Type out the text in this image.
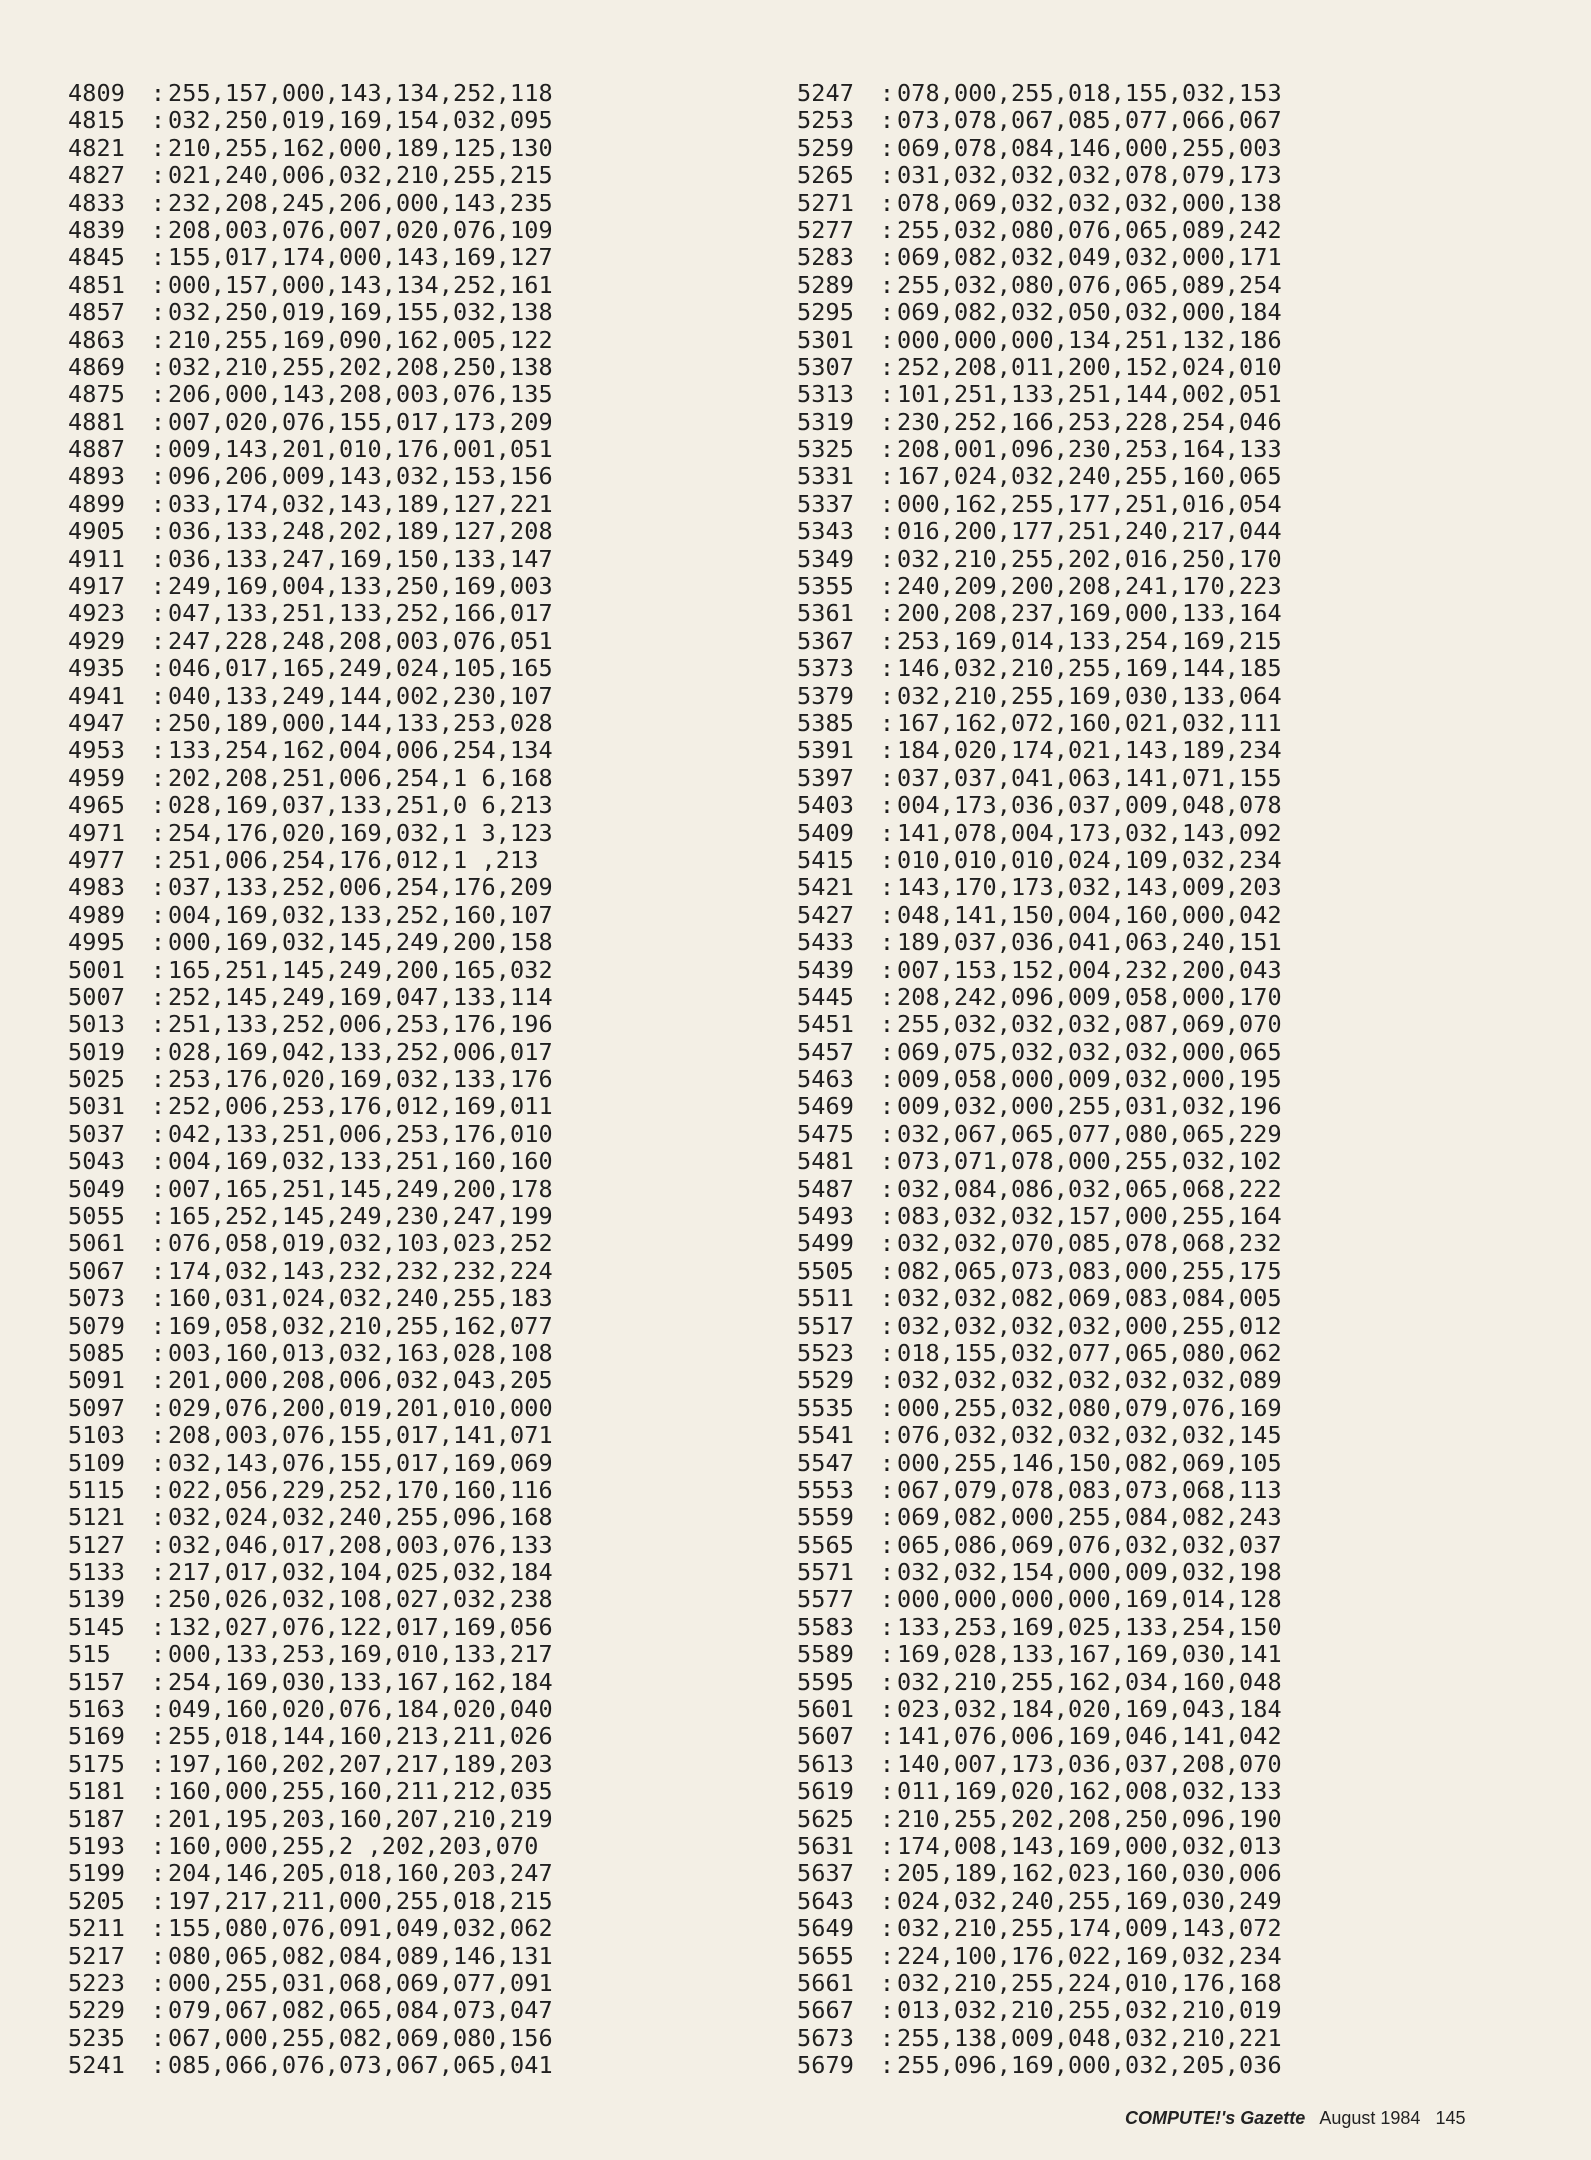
4809 : 255,157,000,143,134,252,118
4815 : 032,250,019,169,154,032,095
4821 : 210,255,162,000,189,125,130
4827 : 021,240,006,032,210,255,215
4833 : 232,208,245,206,000,143,235
4839 : 208,003,076,007,020,076,109
4845 : 155,017,174,000,143,169,127
4851 : 000,157,000,143,134,252,161
4857 : 032,250,019,169,155,032,138
4863 : 210,255,169,090,162,005,122
4869 : 032,210,255,202,208,250,138
4875 : 206,000,143,208,003,076,135
4881 : 007,020,076,155,017,173,209
4887 : 009,143,201,010,176,001,051
4893 : 096,206,009,143,032,153,156
4899 : 033,174,032,143,189,127,221
4905 : 036,133,248,202,189,127,208
4911 : 036,133,247,169,150,133,147
4917 : 249,169,004,133,250,169,003
4923 : 047,133,251,133,252,166,017
4929 : 247,228,248,208,003,076,051
4935 : 046,017,165,249,024,105,165
4941 : 040,133,249,144,002,230,107
4947 : 250,189,000,144,133,253,028
4953 : 133,254,162,004,006,254,134
4959 : 202,208,251,006,254,1 6,168
4965 : 028,169,037,133,251,0 6,213
4971 : 254,176,020,169,032,1 3,123
4977 : 251,006,254,176,012,1 ,213
4983 : 037,133,252,006,254,176,209
4989 : 004,169,032,133,252,160,107
4995 : 000,169,032,145,249,200,158
5001 : 165,251,145,249,200,165,032
5007 : 252,145,249,169,047,133,114
5013 : 251,133,252,006,253,176,196
5019 : 028,169,042,133,252,006,017
5025 : 253,176,020,169,032,133,176
5031 : 252,006,253,176,012,169,011
5037 : 042,133,251,006,253,176,010
5043 : 004,169,032,133,251,160,160
5049 : 007,165,251,145,249,200,178
5055 : 165,252,145,249,230,247,199
5061 : 076,058,019,032,103,023,252
5067 : 174,032,143,232,232,232,224
5073 : 160,031,024,032,240,255,183
5079 : 169,058,032,210,255,162,077
5085 : 003,160,013,032,163,028,108
5091 : 201,000,208,006,032,043,205
5097 : 029,076,200,019,201,010,000
5103 : 208,003,076,155,017,141,071
5109 : 032,143,076,155,017,169,069
5115 : 022,056,229,252,170,160,116
5121 : 032,024,032,240,255,096,168
5127 : 032,046,017,208,003,076,133
5133 : 217,017,032,104,025,032,184
5139 : 250,026,032,108,027,032,238
5145 : 132,027,076,122,017,169,056
515 : 000,133,253,169,010,133,217
5157 : 254,169,030,133,167,162,184
5163 : 049,160,020,076,184,020,040
5169 : 255,018,144,160,213,211,026
5175 : 197,160,202,207,217,189,203
5181 : 160,000,255,160,211,212,035
5187 : 201,195,203,160,207,210,219
5193 : 160,000,255,2 ,202,203,070
5199 : 204,146,205,018,160,203,247
5205 : 197,217,211,000,255,018,215
5211 : 155,080,076,091,049,032,062
5217 : 080,065,082,084,089,146,131
5223 : 000,255,031,068,069,077,091
5229 : 079,067,082,065,084,073,047
5235 : 067,000,255,082,069,080,156
5241 : 085,066,076,073,067,065,041
5247 : 078,000,255,018,155,032,153
5253 : 073,078,067,085,077,066,067
5259 : 069,078,084,146,000,255,003
5265 : 031,032,032,032,078,079,173
5271 : 078,069,032,032,032,000,138
5277 : 255,032,080,076,065,089,242
5283 : 069,082,032,049,032,000,171
5289 : 255,032,080,076,065,089,254
5295 : 069,082,032,050,032,000,184
5301 : 000,000,000,134,251,132,186
5307 : 252,208,011,200,152,024,010
5313 : 101,251,133,251,144,002,051
5319 : 230,252,166,253,228,254,046
5325 : 208,001,096,230,253,164,133
5331 : 167,024,032,240,255,160,065
5337 : 000,162,255,177,251,016,054
5343 : 016,200,177,251,240,217,044
5349 : 032,210,255,202,016,250,170
5355 : 240,209,200,208,241,170,223
5361 : 200,208,237,169,000,133,164
5367 : 253,169,014,133,254,169,215
5373 : 146,032,210,255,169,144,185
5379 : 032,210,255,169,030,133,064
5385 : 167,162,072,160,021,032,111
5391 : 184,020,174,021,143,189,234
5397 : 037,037,041,063,141,071,155
5403 : 004,173,036,037,009,048,078
5409 : 141,078,004,173,032,143,092
5415 : 010,010,010,024,109,032,234
5421 : 143,170,173,032,143,009,203
5427 : 048,141,150,004,160,000,042
5433 : 189,037,036,041,063,240,151
5439 : 007,153,152,004,232,200,043
5445 : 208,242,096,009,058,000,170
5451 : 255,032,032,032,087,069,070
5457 : 069,075,032,032,032,000,065
5463 : 009,058,000,009,032,000,195
5469 : 009,032,000,255,031,032,196
5475 : 032,067,065,077,080,065,229
5481 : 073,071,078,000,255,032,102
5487 : 032,084,086,032,065,068,222
5493 : 083,032,032,157,000,255,164
5499 : 032,032,070,085,078,068,232
5505 : 082,065,073,083,000,255,175
5511 : 032,032,082,069,083,084,005
5517 : 032,032,032,032,000,255,012
5523 : 018,155,032,077,065,080,062
5529 : 032,032,032,032,032,032,089
5535 : 000,255,032,080,079,076,169
5541 : 076,032,032,032,032,032,145
5547 : 000,255,146,150,082,069,105
5553 : 067,079,078,083,073,068,113
5559 : 069,082,000,255,084,082,243
5565 : 065,086,069,076,032,032,037
5571 : 032,032,154,000,009,032,198
5577 : 000,000,000,000,169,014,128
5583 : 133,253,169,025,133,254,150
5589 : 169,028,133,167,169,030,141
5595 : 032,210,255,162,034,160,048
5601 : 023,032,184,020,169,043,184
5607 : 141,076,006,169,046,141,042
5613 : 140,007,173,036,037,208,070
5619 : 011,169,020,162,008,032,133
5625 : 210,255,202,208,250,096,190
5631 : 174,008,143,169,000,032,013
5637 : 205,189,162,023,160,030,006
5643 : 024,032,240,255,169,030,249
5649 : 032,210,255,174,009,143,072
5655 : 224,100,176,022,169,032,234
5661 : 032,210,255,224,010,176,168
5667 : 013,032,210,255,032,210,019
5673 : 255,138,009,048,032,210,221
5679 : 255,096,169,000,032,205,036
COMPUTE!'s Gazette August 1984 145
